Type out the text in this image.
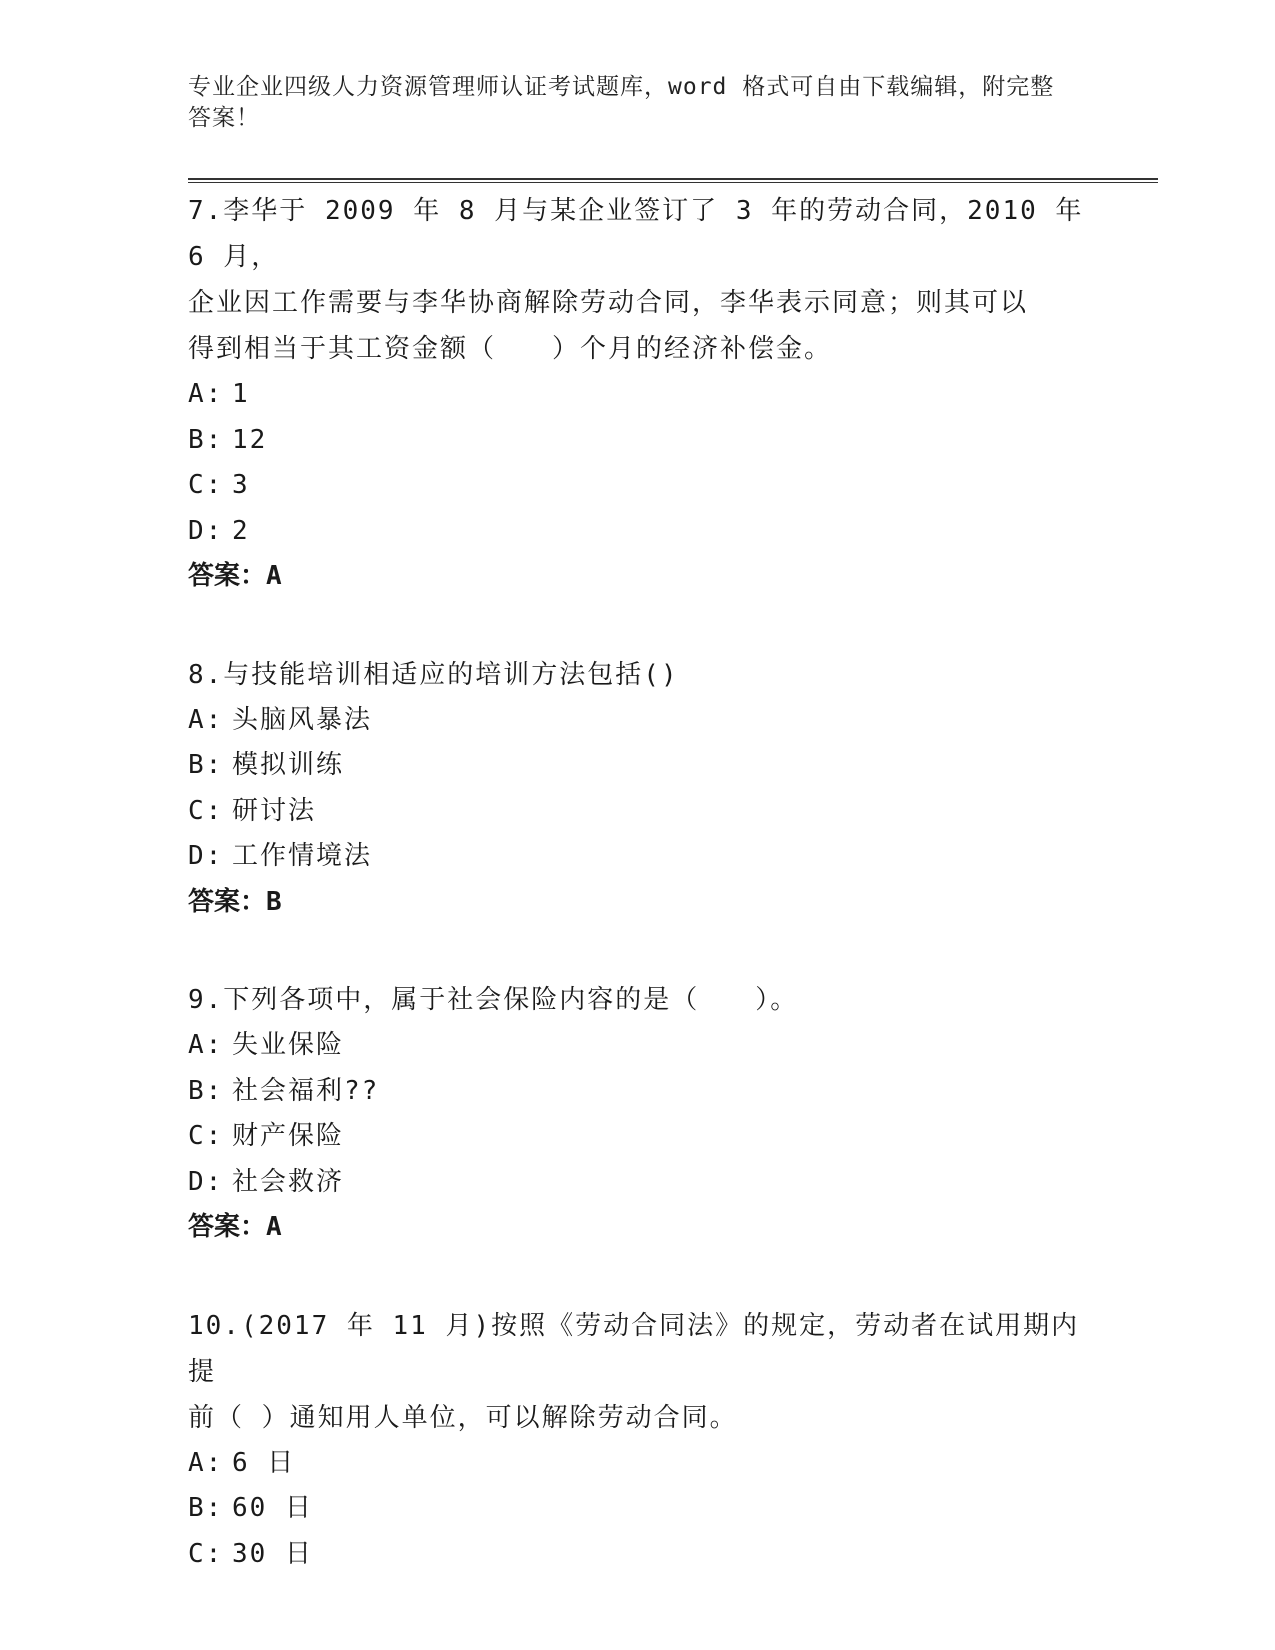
专业企业四级人力资源管理师认证考试题库，word 格式可自由下载编辑，附完整
答案！
7.李华于 2009 年 8 月与某企业签订了 3 年的劳动合同，2010 年 6 月，
企业因工作需要与李华协商解除劳动合同，李华表示同意；则其可以
得到相当于其工资金额（　　）个月的经济补偿金。
A: 1
B: 12
C: 3
D: 2
答案：A
8.与技能培训相适应的培训方法包括()
A: 头脑风暴法
B: 模拟训练
C: 研讨法
D: 工作情境法
答案：B
9.下列各项中，属于社会保险内容的是（　　）。
A: 失业保险
B: 社会福利??
C: 财产保险
D: 社会救济
答案：A
10.(2017 年 11 月)按照《劳动合同法》的规定，劳动者在试用期内提
前（ ）通知用人单位，可以解除劳动合同。
A: 6 日
B: 60 日
C: 30 日
